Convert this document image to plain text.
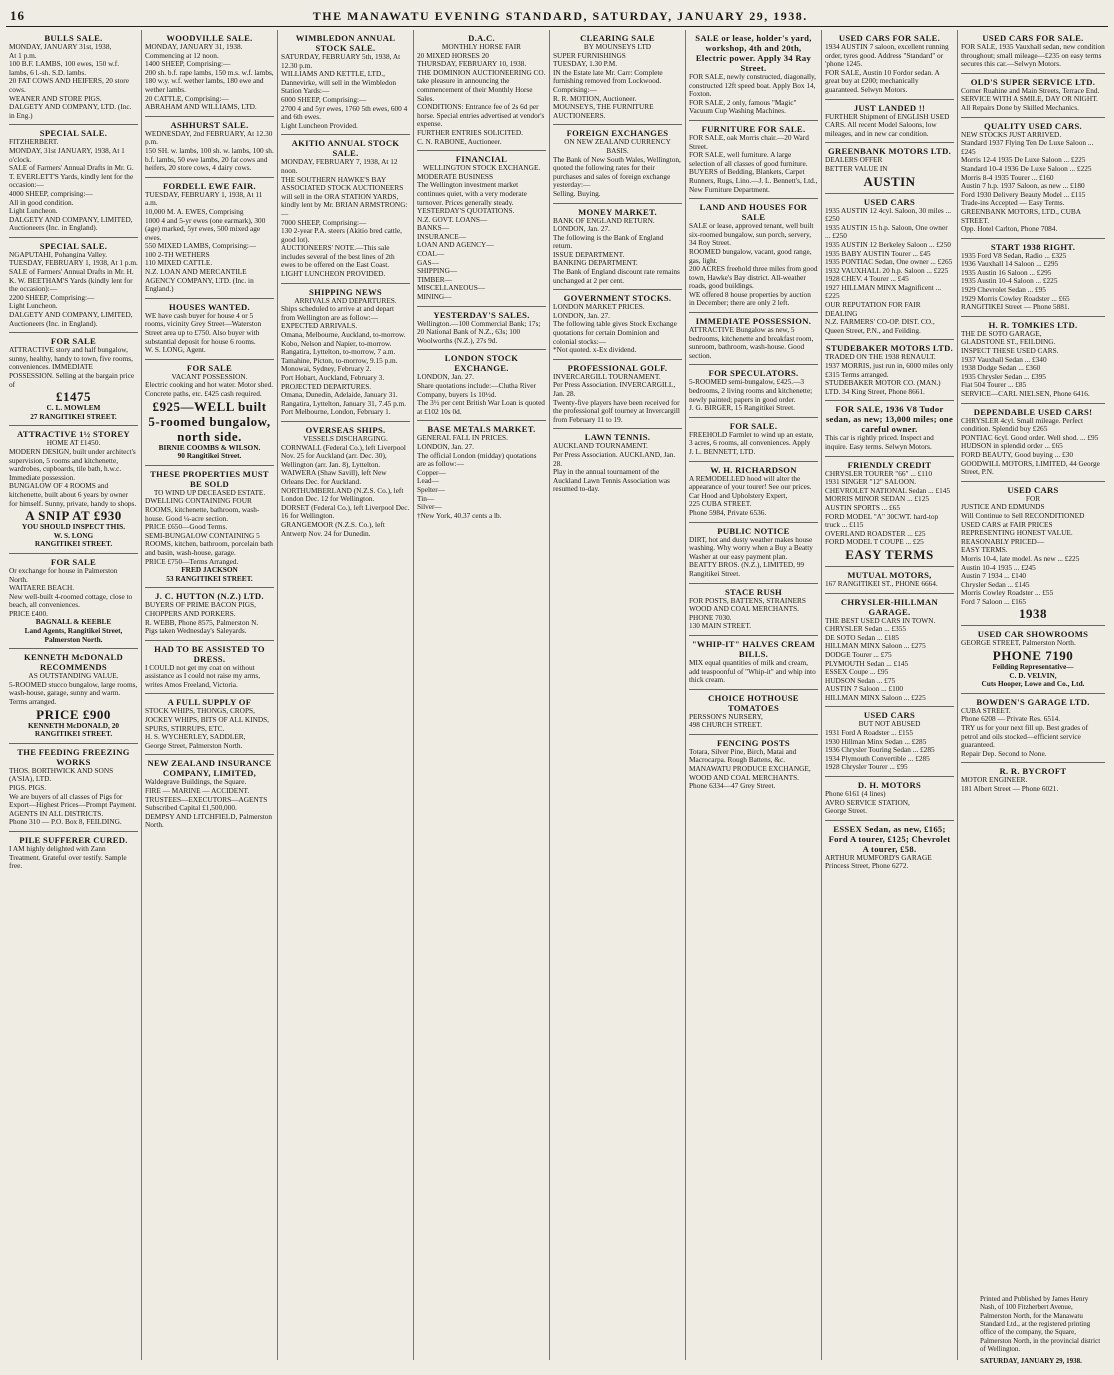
16	THE MANAWATU EVENING STANDARD, SATURDAY, JANUARY 29, 1938.

BULLS SALE.
MONDAY, JANUARY 31st, 1938,
At 1 p.m.
100 B.F. LAMBS, 100 ewes, 150 w.f. lambs, 6 l.-sh. S.D. lambs.
20 FAT COWS AND HEIFERS, 20 store cows.
WEANER AND STORE PIGS.
DALGETY AND COMPANY, LTD. (Inc. in Eng.)
SPECIAL SALE.
FITZHERBERT.
MONDAY, 31st JANUARY, 1938, At 1 o'clock.
SALE of Farmers' Annual Drafts in Mr. G. T. EVERLETT'S Yards, kindly lent for the occasion:—
4000 SHEEP, comprising:—
All in good condition.
Light Luncheon.
DALGETY AND COMPANY, LIMITED, Auctioneers (Inc. in England).
SPECIAL SALE.
NGAPUTAHI, Pohangina Valley.
TUESDAY, FEBRUARY 1, 1938, At 1 p.m.
SALE of Farmers' Annual Drafts in Mr. H. K. W. BEETHAM'S Yards (kindly lent for the occasion):—
2200 SHEEP, Comprising:—
Light Luncheon.
DALGETY AND COMPANY, LIMITED, Auctioneers (Inc. in England).
FOR SALE
ATTRACTIVE story and half bungalow, sunny, healthy, handy to town, five rooms, conveniences. IMMEDIATE POSSESSION. Selling at the bargain price of
£1475
C. L. MOWLEM
27 RANGITIKEI STREET.
ATTRACTIVE 1½ STOREY
HOME AT £1450.
MODERN DESIGN, built under architect's supervision, 5 rooms and kitchenette, wardrobes, cupboards, tile bath, h.w.c. Immediate possession.
BUNGALOW OF 4 ROOMS and kitchenette, built about 6 years by owner for himself. Sunny, private, handy to shops.
A SNIP AT £930
YOU SHOULD INSPECT THIS.
W. S. LONG
RANGITIKEI STREET.
FOR SALE
Or exchange for house in Palmerston North.
WAITAERE BEACH.
New well-built 4-roomed cottage, close to beach, all conveniences.
PRICE £400.
BAGNALL & KEEBLE
Land Agents, Rangitikei Street, Palmerston North.
KENNETH McDONALD RECOMMENDS
AS OUTSTANDING VALUE.
5-ROOMED stucco bungalow, large rooms, wash-house, garage, sunny and warm. Terms arranged.
PRICE £900
KENNETH McDONALD, 20 RANGITIKEI STREET.
THE FEEDING FREEZING WORKS
THOS. BORTHWICK AND SONS (A'SIA), LTD.
PIGS. PIGS.
We are buyers of all classes of Pigs for Export—Highest Prices—Prompt Payment.
AGENTS IN ALL DISTRICTS.
Phone 310 — P.O. Box 8, FEILDING.
PILE SUFFERER CURED.
I AM highly delighted with Zann Treatment. Grateful over testify. Sample free.
WOODVILLE SALE.
MONDAY, JANUARY 31, 1938. Commencing at 12 noon.
1400 SHEEP, Comprising:—
200 sh. b.f. rape lambs, 150 m.s. w.f. lambs, 180 w.y. w.f. wether lambs, 180 ewe and wether lambs.
20 CATTLE, Comprising:—
ABRAHAM AND WILLIAMS, LTD.
ASHHURST SALE.
WEDNESDAY, 2nd FEBRUARY, At 12.30 p.m.
150 SH. w. lambs, 100 sh. w. lambs, 100 sh. b.f. lambs, 50 ewe lambs, 20 fat cows and heifers, 20 store cows, 4 dairy cows.
FORDELL EWE FAIR.
TUESDAY, FEBRUARY 1, 1938, At 11 a.m.
10,000 M. A. EWES, Comprising
1000 4 and 5-yr ewes (one earmark), 300 (age) marked, 5yr ewes, 500 mixed age ewes.
550 MIXED LAMBS, Comprising:—
100 2-TH WETHERS
110 MIXED CATTLE.
N.Z. LOAN AND MERCANTILE AGENCY COMPANY, LTD. (Inc. in England.)
HOUSES WANTED.
WE have cash buyer for house 4 or 5 rooms, vicinity Grey Street—Waterston Street area up to £750. Also buyer with substantial deposit for house 6 rooms.
W. S. LONG, Agent.
FOR SALE
VACANT POSSESSION.
Electric cooking and hot water. Motor shed. Concrete paths, etc. £425 cash required.
£925—WELL built 5-roomed bungalow, north side.
BIRNIE COOMBS & WILSON.
90 Rangitikei Street.
THESE PROPERTIES MUST BE SOLD
TO WIND UP DECEASED ESTATE.
DWELLING CONTAINING FOUR ROOMS, kitchenette, bathroom, wash-house. Good ¼-acre section.
PRICE £650—Good Terms.
SEMI-BUNGALOW CONTAINING 5 ROOMS, kitchen, bathroom, porcelain bath and basin, wash-house, garage.
PRICE £750—Terms Arranged.
FRED JACKSON
53 RANGITIKEI STREET.
J. C. HUTTON (N.Z.) LTD.
BUYERS OF PRIME BACON PIGS, CHOPPERS AND PORKERS.
R. WEBB, Phone 8575, Palmerston N.
Pigs taken Wednesday's Saleyards.
HAD TO BE ASSISTED TO DRESS.
I COULD not get my coat on without assistance as I could not raise my arms, writes Amos Freeland, Victoria.
A FULL SUPPLY OF
STOCK WHIPS, THONGS, CROPS, JOCKEY WHIPS, BITS OF ALL KINDS, SPURS, STIRRUPS, ETC.
H. S. WYCHERLEY, SADDLER,
George Street, Palmerston North.
NEW ZEALAND INSURANCE COMPANY, LIMITED,
Waldegrave Buildings, the Square.
FIRE — MARINE — ACCIDENT.
TRUSTEES—EXECUTORS—AGENTS
Subscribed Capital £1,500,000.
DEMPSY AND LITCHFIELD, Palmerston North.
WIMBLEDON ANNUAL STOCK SALE.
SATURDAY, FEBRUARY 5th, 1938, At 12.30 p.m.
WILLIAMS AND KETTLE, LTD., Dannevirke, will sell in the Wimbledon Station Yards:—
6000 SHEEP, Comprising:—
2700 4 and 5yr ewes, 1760 5th ewes, 600 4 and 6th ewes.
Light Luncheon Provided.
AKITIO ANNUAL STOCK SALE.
MONDAY, FEBRUARY 7, 1938, At 12 noon.
THE SOUTHERN HAWKE'S BAY ASSOCIATED STOCK AUCTIONEERS will sell in the ORA STATION YARDS, kindly lent by Mr. BRIAN ARMSTRONG:—
7000 SHEEP, Comprising:—
130 2-year P.A. steers (Akitio bred cattle, good lot).
AUCTIONEERS' NOTE.—This sale includes several of the best lines of 2th ewes to be offered on the East Coast.
LIGHT LUNCHEON PROVIDED.
SHIPPING NEWS
ARRIVALS AND DEPARTURES.
Ships scheduled to arrive at and depart from Wellington are as follow:—
EXPECTED ARRIVALS.
Omana, Melbourne, Auckland, to-morrow.
Kobo, Nelson and Napier, to-morrow.
Rangatira, Lyttelton, to-morrow, 7 a.m.
Tamahine, Picton, to-morrow, 9.15 p.m.
Monowai, Sydney, February 2.
Port Hobart, Auckland, February 3.
PROJECTED DEPARTURES.
Omana, Dunedin, Adelaide, January 31.
Rangatira, Lyttelton, January 31, 7.45 p.m.
Port Melbourne, London, February 1.
OVERSEAS SHIPS.
VESSELS DISCHARGING.
CORNWALL (Federal Co.), left Liverpool Nov. 25 for Auckland (arr. Dec. 30), Wellington (arr. Jan. 8), Lyttelton.
WAIWERA (Shaw Savill), left New Orleans Dec. for Auckland.
NORTHUMBERLAND (N.Z.S. Co.), left London Dec. 12 for Wellington.
DORSET (Federal Co.), left Liverpool Dec. 16 for Wellington.
GRANGEMOOR (N.Z.S. Co.), left Antwerp Nov. 24 for Dunedin.
D.A.C.
MONTHLY HORSE FAIR
20 MIXED HORSES 20
THURSDAY, FEBRUARY 10, 1938.
THE DOMINION AUCTIONEERING CO. take pleasure in announcing the commencement of their Monthly Horse Sales.
CONDITIONS: Entrance fee of 2s 6d per horse. Special entries advertised at vendor's expense.
FURTHER ENTRIES SOLICITED.
C. N. RABONE, Auctioneer.
FINANCIAL
WELLINGTON STOCK EXCHANGE.
MODERATE BUSINESS
The Wellington investment market continues quiet, with a very moderate turnover. Prices generally steady.
YESTERDAY'S QUOTATIONS.
N.Z. GOVT. LOANS—
BANKS—
INSURANCE—
LOAN AND AGENCY—
COAL—
GAS—
SHIPPING—
TIMBER—
MISCELLANEOUS—
MINING—
YESTERDAY'S SALES.
Wellington.—100 Commercial Bank; 17s; 20 National Bank of N.Z., 63s; 100 Woolworths (N.Z.), 27s 9d.
LONDON STOCK EXCHANGE.
LONDON, Jan. 27.
Share quotations include:—Clutha River Company, buyers 1s 10½d.
The 3½ per cent British War Loan is quoted at £102 10s 0d.
BASE METALS MARKET.
GENERAL FALL IN PRICES.
LONDON, Jan. 27.
The official London (midday) quotations are as follow:—
Copper—
Lead—
Spelter—
Tin—
Silver—
†New York, 40.37 cents a lb.
CLEARING SALE
BY MOUNSEYS LTD
SUPER FURNISHINGS
TUESDAY, 1.30 P.M.
IN the Estate late Mr. Carr: Complete furnishing removed from Lockwood. Comprising:—
R. R. MOTION, Auctioneer.
MOUNSEYS, THE FURNITURE AUCTIONEERS.
FOREIGN EXCHANGES
ON NEW ZEALAND CURRENCY BASIS.
The Bank of New South Wales, Wellington, quoted the following rates for their purchases and sales of foreign exchange yesterday:—
Selling. Buying.
MONEY MARKET.
BANK OF ENGLAND RETURN.
LONDON, Jan. 27.
The following is the Bank of England return.
ISSUE DEPARTMENT.
BANKING DEPARTMENT.
The Bank of England discount rate remains unchanged at 2 per cent.
GOVERNMENT STOCKS.
LONDON MARKET PRICES.
LONDON, Jan. 27.
The following table gives Stock Exchange quotations for certain Dominion and colonial stocks:—
*Not quoted. x-Ex dividend.
PROFESSIONAL GOLF.
INVERCARGILL TOURNAMENT.
Per Press Association. INVERCARGILL, Jan. 28.
Twenty-five players have been received for the professional golf tourney at Invercargill from February 11 to 19.
LAWN TENNIS.
AUCKLAND TOURNAMENT.
Per Press Association. AUCKLAND, Jan. 28.
Play in the annual tournament of the Auckland Lawn Tennis Association was resumed to-day.
SALE or lease, holder's yard, workshop, 4th and 20th, Electric power. Apply 34 Ray Street.
FOR SALE, newly constructed, diagonally, constructed 12ft speed boat. Apply Box 14, Foxton.
FOR SALE, 2 only, famous "Magic" Vacuum Cup Washing Machines.
FURNITURE FOR SALE.
FOR SALE, oak Morris chair.—20 Ward Street.
FOR SALE, well furniture. A large selection of all classes of good furniture.
BUYERS of Bedding, Blankets, Carpet Runners, Rugs, Lino.—J. L. Bennett's, Ltd., New Furniture Department.
LAND AND HOUSES FOR SALE
SALE or lease, approved tenant, well built six-roomed bungalow, sun porch, servery, 34 Roy Street.
ROOMED bungalow, vacant, good range, gas, light.
200 ACRES freehold three miles from good town, Hawke's Bay district. All-weather roads, good buildings.
WE offered 8 house properties by auction in December; there are only 2 left.
IMMEDIATE POSSESSION.
ATTRACTIVE Bungalow as new, 5 bedrooms, kitchenette and breakfast room, sunroom, bathroom, wash-house. Good section.
FOR SPECULATORS.
5-ROOMED semi-bungalow, £425.—3 bedrooms, 2 living rooms and kitchenette; newly painted; papers in good order.
J. G. BIRGER, 15 Rangitikei Street.
FOR SALE.
FREEHOLD Farmlet to wind up an estate, 3 acres, 6 rooms, all conveniences. Apply
J. L. BENNETT, LTD.
W. H. RICHARDSON
A REMODELLED hood will alter the appearance of your tourer! See our prices.
Car Hood and Upholstery Expert,
225 CUBA STREET.
Phone 5984, Private 6536.
PUBLIC NOTICE
DIRT, hot and dusty weather makes house washing. Why worry when a Buy a Beatty Washer at our easy payment plan.
BEATTY BROS. (N.Z.), LIMITED, 99 Rangitikei Street.
STACE RUSH
FOR POSTS, BATTENS, STRAINERS
WOOD AND COAL MERCHANTS.
PHONE 7030.
130 MAIN STREET.
"WHIP-IT" HALVES CREAM BILLS.
MIX equal quantities of milk and cream, add teaspoonful of "Whip-it" and whip into thick cream.
CHOICE HOTHOUSE TOMATOES
PERSSON'S NURSERY,
498 CHURCH STREET.
FENCING POSTS
Totara, Silver Pine, Birch, Matai and Macrocarpa. Rough Battens, &c.
MANAWATU PRODUCE EXCHANGE,
WOOD AND COAL MERCHANTS.
Phone 6334—47 Grey Street.
USED CARS FOR SALE.
1934 AUSTIN 7 saloon, excellent running order, tyres good. Address "Standard" or 'phone 1245.
FOR SALE, Austin 10 Fordor sedan. A great buy at £200; mechanically guaranteed. Selwyn Motors.
JUST LANDED !!
FURTHER Shipment of ENGLISH USED CARS. All recent Model Saloons, low mileages, and in new car condition.
GREENBANK MOTORS LTD.
DEALERS OFFER
BETTER VALUE IN
AUSTIN
USED CARS
1935 AUSTIN 12 4cyl. Saloon, 30 miles ... £250
1935 AUSTIN 15 h.p. Saloon, One owner ... £250
1935 AUSTIN 12 Berkeley Saloon ... £250
1935 BABY AUSTIN Tourer ... £45
1935 PONTIAC Sedan, One owner ... £265
1932 VAUXHALL 20 h.p. Saloon ... £225
1928 CHEV. 4 Tourer ... £45
1927 HILLMAN MINX Magnificent ... £225
OUR REPUTATION FOR FAIR DEALING
N.Z. FARMERS' CO-OP. DIST. CO.,
Queen Street, P.N., and Feilding.
STUDEBAKER MOTORS LTD.
TRADED ON THE 1938 RENAULT.
1937 MORRIS, just run in, 6000 miles only £315 Terms arranged.
STUDEBAKER MOTOR CO. (MAN.) LTD. 34 King Street, Phone 8661.
FOR SALE, 1936 V8 Tudor sedan, as new; 13,000 miles; one careful owner.
This car is rightly priced. Inspect and inquire. Easy terms. Selwyn Motors.
FRIENDLY CREDIT
CHRYSLER TOURER "66" ... £110
1931 SINGER "12" SALOON.
CHEVROLET NATIONAL Sedan ... £145
MORRIS MINOR SEDAN ... £125
AUSTIN SPORTS ... £65
FORD MODEL "A" 30CWT. hard-top truck ... £115
OVERLAND ROADSTER ... £25
FORD MODEL T COUPE ... £25
EASY TERMS
MUTUAL MOTORS,
167 RANGITIKEI ST., PHONE 6664.
CHRYSLER-HILLMAN GARAGE.
THE BEST USED CARS IN TOWN.
CHRYSLER Sedan ... £355
DE SOTO Sedan ... £185
HILLMAN MINX Saloon ... £275
DODGE Tourer ... £75
PLYMOUTH Sedan ... £145
ESSEX Coupe ... £95
HUDSON Sedan ... £75
AUSTIN 7 Saloon ... £100
HILLMAN MINX Saloon ... £225
USED CARS
BUT NOT ABUSED
1931 Ford A Roadster ... £155
1930 Hillman Minx Sedan ... £285
1936 Chrysler Touring Sedan ... £285
1934 Plymouth Convertible ... £285
1928 Chrysler Tourer ... £95
D. H. MOTORS
Phone 6161 (4 lines)
AVRO SERVICE STATION,
George Street.
ESSEX Sedan, as new, £165; Ford A tourer, £125; Chevrolet A tourer, £58.
ARTHUR MUMFORD'S GARAGE
Princess Street, Phone 6272.
USED CARS FOR SALE.
FOR SALE, 1935 Vauxhall sedan, new condition throughout; small mileage—£235 on easy terms secures this car.—Selwyn Motors.
OLD'S SUPER SERVICE LTD.
Corner Ruahine and Main Streets, Terrace End.
SERVICE WITH A SMILE, DAY OR NIGHT.
All Repairs Done by Skilled Mechanics.
QUALITY USED CARS.
NEW STOCKS JUST ARRIVED.
Standard 1937 Flying Ten De Luxe Saloon ... £245
Morris 12-4 1935 De Luxe Saloon ... £225
Standard 10-4 1936 De Luxe Saloon ... £225
Morris 8-4 1935 Tourer ... £160
Austin 7 h.p. 1937 Saloon, as new ... £180
Ford 1930 Delivery Beauty Model ... £115
Trade-ins Accepted — Easy Terms.
GREENBANK MOTORS, LTD., CUBA STREET.
Opp. Hotel Carlton, Phone 7084.
START 1938 RIGHT.
1935 Ford V8 Sedan, Radio ... £325
1936 Vauxhall 14 Saloon ... £295
1935 Austin 16 Saloon ... £295
1935 Austin 10-4 Saloon ... £225
1929 Chevrolet Sedan ... £95
1929 Morris Cowley Roadster ... £65
RANGITIKEI Street — Phone 5881.
H. R. TOMKIES LTD.
THE DE SOTO GARAGE,
GLADSTONE ST., FEILDING.
INSPECT THESE USED CARS.
1937 Vauxhall Sedan ... £340
1938 Dodge Sedan ... £360
1935 Chrysler Sedan ... £395
Fiat 504 Tourer ... £85
SERVICE—CARL NIELSEN, Phone 6416.
DEPENDABLE USED CARS!
CHRYSLER 4cyl. Small mileage. Perfect condition. Splendid buy £265
PONTIAC 6cyl. Good order. Well shod. ... £95
HUDSON in splendid order ... £65
FORD BEAUTY, Good buying ... £30
GOODWILL MOTORS, LIMITED, 44 George Street, P.N.
USED CARS
FOR
JUSTICE AND EDMUNDS
Will Continue to Sell RECONDITIONED USED CARS at FAIR PRICES REPRESENTING HONEST VALUE.
REASONABLY PRICED—
EASY TERMS.
Morris 10-4, late model. As new ... £225
Austin 10-4 1935 ... £245
Austin 7 1934 ... £140
Chrysler Sedan ... £145
Morris Cowley Roadster ... £55
Ford 7 Saloon ... £165
1938
USED CAR SHOWROOMS
GEORGE STREET, Palmerston North.
PHONE 7190
Feilding Representative—
C. D. VELVIN,
Cuts Hooper, Lowe and Co., Ltd.
BOWDEN'S GARAGE LTD.
CUBA STREET.
Phone 6208 — Private Res. 6514.
TRY us for your next fill up. Best grades of petrol and oils stocked—efficient service guaranteed.
Repair Dep. Second to None.
R. R. BYCROFT
MOTOR ENGINEER.
181 Albert Street — Phone 6021.
Printed and Published by James Henry Nash, of 100 Fitzherbert Avenue, Palmerston North, for the Manawatu Standard Ltd., at the registered printing office of the company, the Square, Palmerston North, in the provincial district of Wellington.
SATURDAY, JANUARY 29, 1938.
